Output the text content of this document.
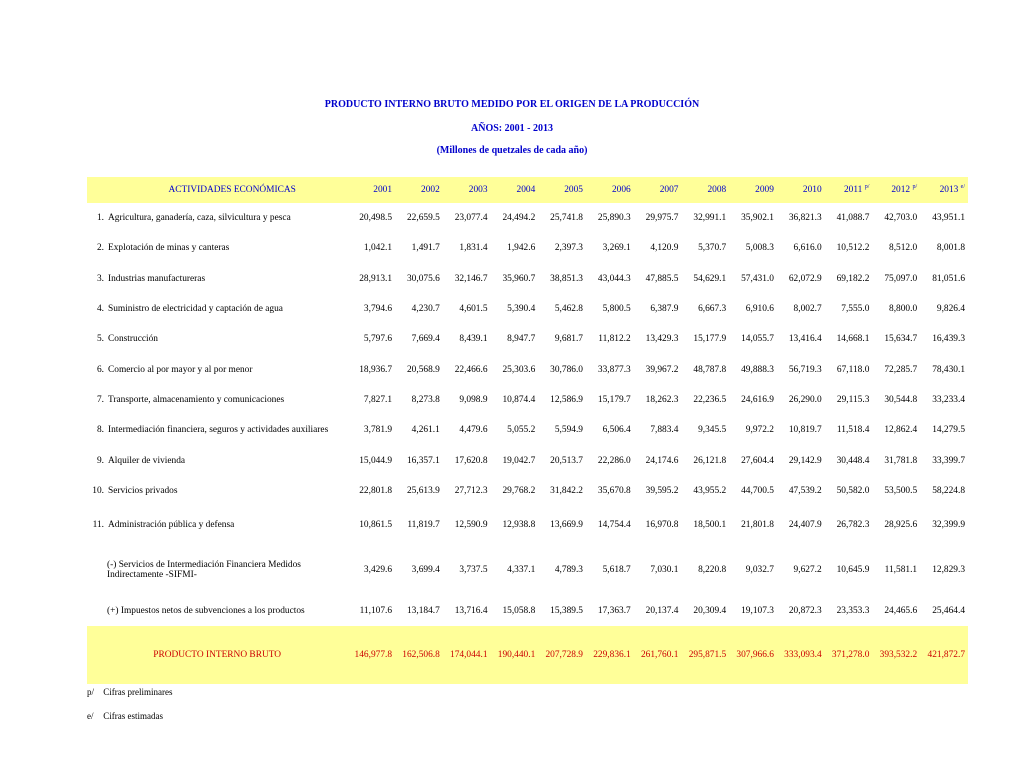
PRODUCTO INTERNO BRUTO MEDIDO POR EL ORIGEN DE LA PRODUCCIÓN
AÑOS: 2001 - 2013
(Millones de quetzales de cada año)
ACTIVIDADES ECONÓMICAS	2001	2002	2003	2004	2005	2006	2007	2008	2009	2010	2011 $^{p/}$	2012 $^{p/}$	2013 $^{e/}$
1. Agricultura, ganadería, caza, silvicultura y pesca	20,498.5	22,659.5	23,077.4	24,494.2	25,741.8	25,890.3	29,975.7	32,991.1	35,902.1	36,821.3	41,088.7	42,703.0	43,951.1
2. Explotación de minas y canteras	1,042.1	1,491.7	1,831.4	1,942.6	2,397.3	3,269.1	4,120.9	5,370.7	5,008.3	6,616.0	10,512.2	8,512.0	8,001.8
3. Industrias manufactureras	28,913.1	30,075.6	32,146.7	35,960.7	38,851.3	43,044.3	47,885.5	54,629.1	57,431.0	62,072.9	69,182.2	75,097.0	81,051.6
4. Suministro de electricidad y captación de agua	3,794.6	4,230.7	4,601.5	5,390.4	5,462.8	5,800.5	6,387.9	6,667.3	6,910.6	8,002.7	7,555.0	8,800.0	9,826.4
5. Construcción	5,797.6	7,669.4	8,439.1	8,947.7	9,681.7	11,812.2	13,429.3	15,177.9	14,055.7	13,416.4	14,668.1	15,634.7	16,439.3
6. Comercio al por mayor y al por menor	18,936.7	20,568.9	22,466.6	25,303.6	30,786.0	33,877.3	39,967.2	48,787.8	49,888.3	56,719.3	67,118.0	72,285.7	78,430.1
7. Transporte, almacenamiento y comunicaciones	7,827.1	8,273.8	9,098.9	10,874.4	12,586.9	15,179.7	18,262.3	22,236.5	24,616.9	26,290.0	29,115.3	30,544.8	33,233.4
8. Intermediación financiera, seguros y actividades auxiliares	3,781.9	4,261.1	4,479.6	5,055.2	5,594.9	6,506.4	7,883.4	9,345.5	9,972.2	10,819.7	11,518.4	12,862.4	14,279.5
9. Alquiler de vivienda	15,044.9	16,357.1	17,620.8	19,042.7	20,513.7	22,286.0	24,174.6	26,121.8	27,604.4	29,142.9	30,448.4	31,781.8	33,399.7
10. Servicios privados	22,801.8	25,613.9	27,712.3	29,768.2	31,842.2	35,670.8	39,595.2	43,955.2	44,700.5	47,539.2	50,582.0	53,500.5	58,224.8
11. Administración pública y defensa	10,861.5	11,819.7	12,590.9	12,938.8	13,669.9	14,754.4	16,970.8	18,500.1	21,801.8	24,407.9	26,782.3	28,925.6	32,399.9
(-) Servicios de Intermediación Financiera Medidos Indirectamente -SIFMI-	3,429.6	3,699.4	3,737.5	4,337.1	4,789.3	5,618.7	7,030.1	8,220.8	9,032.7	9,627.2	10,645.9	11,581.1	12,829.3
(+) Impuestos netos de subvenciones a los productos	11,107.6	13,184.7	13,716.4	15,058.8	15,389.5	17,363.7	20,137.4	20,309.4	19,107.3	20,872.3	23,353.3	24,465.6	25,464.4
PRODUCTO INTERNO BRUTO	146,977.8	162,506.8	174,044.1	190,440.1	207,728.9	229,836.1	261,760.1	295,871.5	307,966.6	333,093.4	371,278.0	393,532.2	421,872.7
p/ Cifras preliminares
e/ Cifras estimadas
